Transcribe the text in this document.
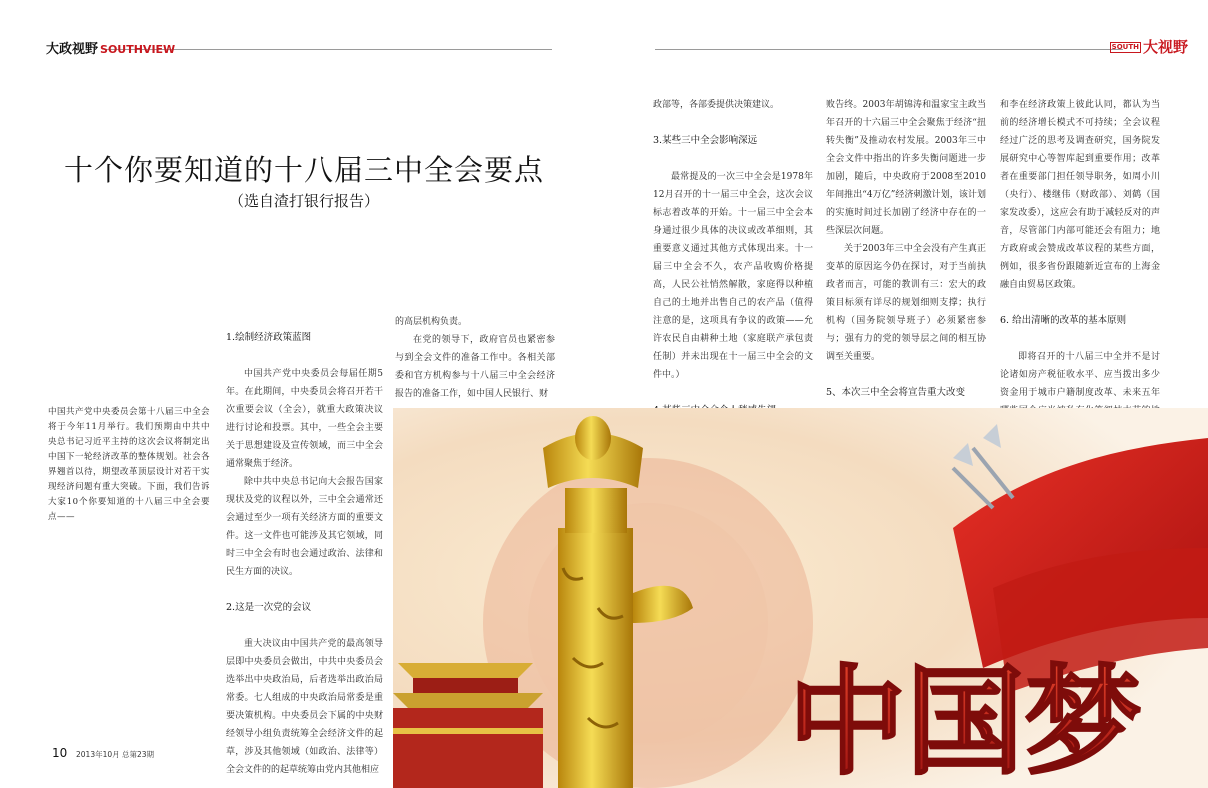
大政视野 SOUTHVIEW	SOUTH 大视野
十个你要知道的十八届三中全会要点
（选自渣打银行报告）
中国共产党中央委员会第十八届三中全会将于今年11月举行。我们预期由中共中央总书记习近平主持的这次会议将制定出中国下一轮经济改革的整体规划。社会各界翘首以待，期望改革顶层设计对若干实现经济问题有重大突破。下面，我们告诉大家10个你要知道的十八届三中全会要点——
1.绘制经济政策蓝图

中国共产党中央委员会每届任期5年。在此期间，中央委员会将召开若干次重要会议（全会），就重大政策决议进行讨论和投票。其中，一些全会主要关于思想建设及宣传领域，而三中全会通常聚焦于经济。

除中共中央总书记向大会报告国家现状及党的议程以外，三中全会通常还会通过至少一项有关经济方面的重要文件。这一文件也可能涉及其它领域，同时三中全会有时也会通过政治、法律和民生方面的决议。

2.这是一次党的会议

重大决议由中国共产党的最高领导层即中央委员会做出，中共中央委员会选举出中央政治局，后者选举出政治局常委。七人组成的中央政治局常委是重要决策机构。中央委员会下属的中央财经领导小组负责统筹全会经济文件的起草，涉及其他领域（如政治、法律等）全会文件的的起草统筹由党内其他相应

的高层机构负责。

在党的领导下，政府官员也紧密参与到全会文件的准备工作中。各相关部委和官方机构参与十八届三中全会经济报告的准备工作，如中国人民银行、财

政部等，各部委提供决策建议。

3.某些三中全会影响深远

最常提及的一次三中全会是1978年12月召开的十一届三中全会，这次会议标志着改革的开始。十一届三中全会本身通过很少具体的决议或改革细则，其重要意义通过其他方式体现出来。十一届三中全会不久，农产品收购价格提高，人民公社悄然解散，家庭得以种植自己的土地并出售自己的农产品（值得注意的是，这项具有争议的政策——允许农民自由耕种土地（家庭联产承包责任制）并未出现在十一届三中全会的文件中。）

败告终。2003年胡锦涛和温家宝主政当年召开的十六届三中全会聚焦于经济“扭转失衡”及推动农村发展。2003年三中全会文件中指出的许多失衡问题进一步加剧，随后，中央政府于2008至2010年间推出“4万亿”经济刺激计划，该计划的实施时间过长加剧了经济中存在的一些深层次问题。

关于2003年三中全会没有产生真正变革的原因迄今仍在探讨，对于当前执政者而言，可能的教训有三：宏大的政策目标须有详尽的规划细则支撑；执行机构（国务院领导班子）必须紧密参与；强有力的党的领导层之间的相互协调至关重要。

5、本次三中全会将宣告重大改变

和李在经济政策上彼此认同，都认为当前的经济增长模式不可持续；全会议程经过广泛的思考及调查研究，国务院发展研究中心等智库起到重要作用；改革者在重要部门担任领导职务，如周小川（央行）、楼继伟（财政部）、刘鹤（国家发改委），这应会有助于减轻反对的声音，尽管部门内部可能还会有阻力；地方政府或会赞成改革议程的某些方面，例如，很多省份跟随新近宣布的上海金融自由贸易区政策。

6. 给出清晰的改革的基本原则

即将召开的十八届三中全并不是讨论诸如房产税征收水平、应当拨出多少资金用于城市户籍制度改革、未来五年

中国梦
10 2013年10月 总第23期
